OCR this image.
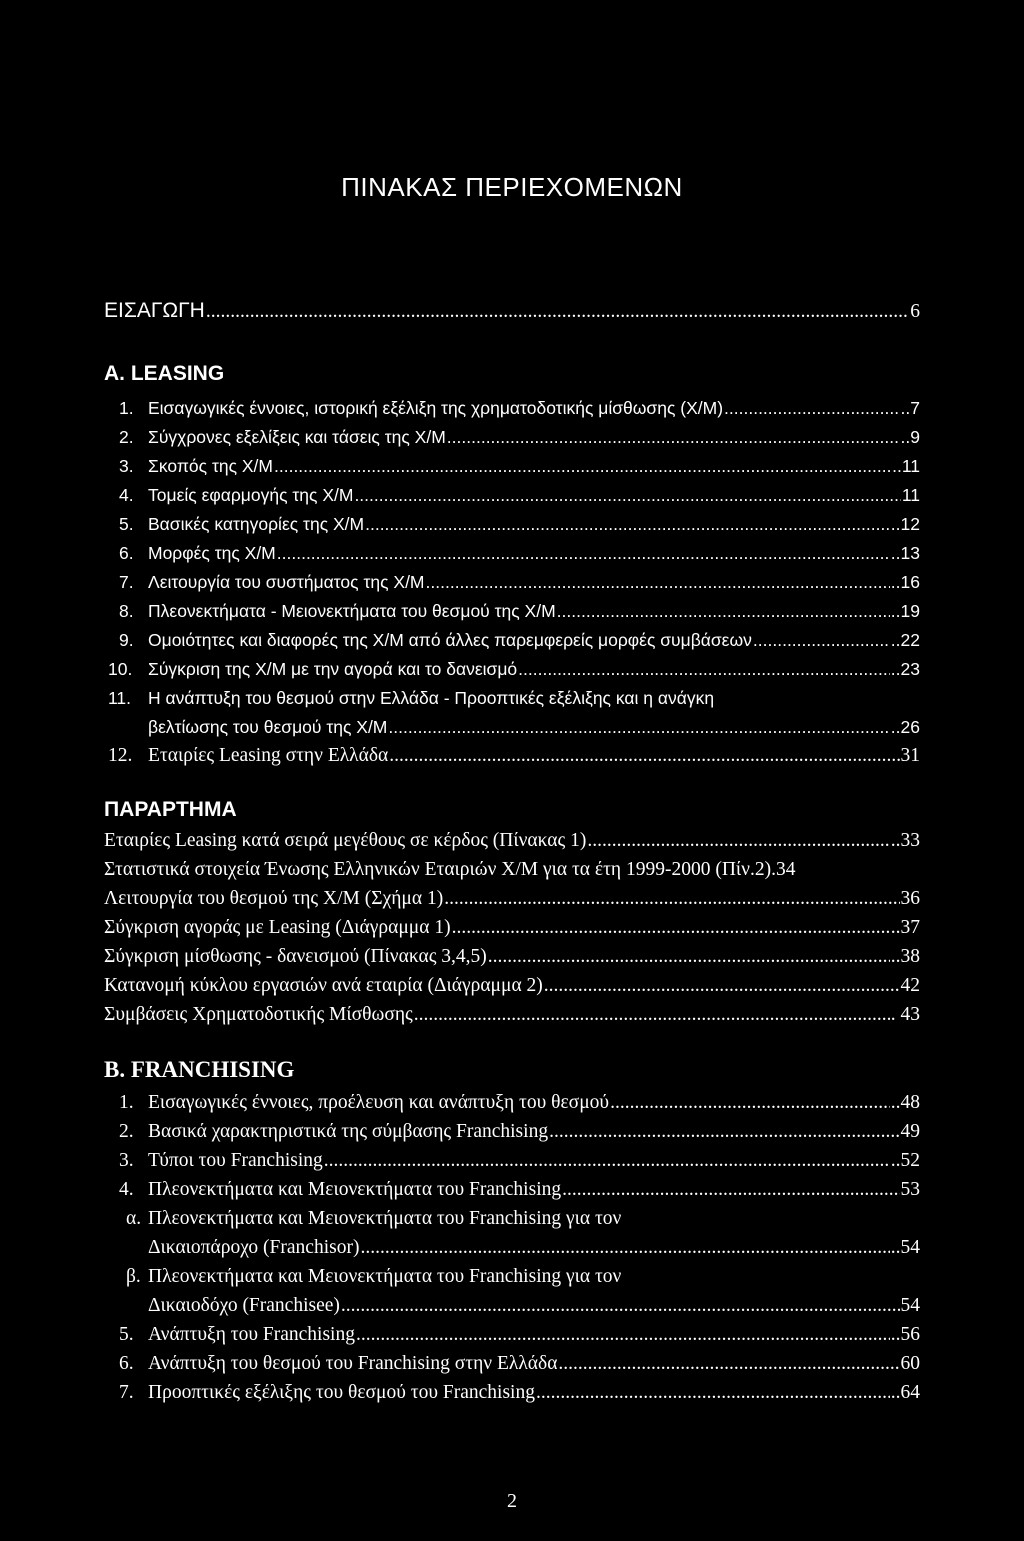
ΠΙΝΑΚΑΣ ΠΕΡΙΕΧΟΜΕΝΩΝ
ΕΙΣΑΓΩΓΗ .....	6
Α. LEASING
1. Εισαγωγικές έννοιες, ιστορική εξέλιξη της χρηματοδοτικής μίσθωσης (Χ/Μ) .....	..7
2. Σύγχρονες εξελίξεις και τάσεις της Χ/Μ .....	..9
3. Σκοπός της Χ/Μ .....	..11
4. Τομείς εφαρμογής της Χ/Μ .....	11
5. Βασικές κατηγορίες της Χ/Μ .....	..12
6. Μορφές της Χ/Μ .....	..13
7. Λειτουργία του συστήματος της Χ/Μ .....	..16
8. Πλεονεκτήματα - Μειονεκτήματα του θεσμού της Χ/Μ .....	..19
9. Ομοιότητες και διαφορές της Χ/Μ από άλλες παρεμφερείς μορφές συμβάσεων .....	..22
10. Σύγκριση της Χ/Μ με την αγορά και το δανεισμό .....	..23
11. Η ανάπτυξη του θεσμού στην Ελλάδα - Προοπτικές εξέλιξης και η ανάγκη
βελτίωσης του θεσμού της Χ/Μ .....	..26
12. Εταιρίες Leasing στην Ελλάδα .....	31
ΠΑΡΑΡΤΗΜΑ
Εταιρίες Leasing κατά σειρά μεγέθους σε κέρδος (Πίνακας 1) .....	..33
Στατιστικά στοιχεία Ένωσης Ελληνικών Εταιριών Χ/Μ για τα έτη 1999-2000 (Πίν.2).34
Λειτουργία του θεσμού της Χ/Μ (Σχήμα 1) .....	36
Σύγκριση αγοράς με Leasing (Διάγραμμα 1) .....	..37
Σύγκριση μίσθωσης - δανεισμού (Πίνακας 3,4,5) .....	..38
Κατανομή κύκλου εργασιών ανά εταιρία (Διάγραμμα 2) .....	42
Συμβάσεις Χρηματοδοτικής Μίσθωσης .....	. 43
Β. FRANCHISING
1. Εισαγωγικές έννοιες, προέλευση και ανάπτυξη του θεσμού .....	..48
2. Βασικά χαρακτηριστικά της σύμβασης Franchising .....	49
3. Τύποι του Franchising .....	..52
4. Πλεονεκτήματα και Μειονεκτήματα του Franchising .....	53
α. Πλεονεκτήματα και Μειονεκτήματα του Franchising για τον
Δικαιοπάροχο (Franchisor) .....	..54
β. Πλεονεκτήματα και Μειονεκτήματα του Franchising για τον
Δικαιοδόχο (Franchisee) .....	54
5. Ανάπτυξη του Franchising .....	..56
6. Ανάπτυξη του θεσμού του Franchising στην Ελλάδα .....	60
7. Προοπτικές εξέλιξης του θεσμού του Franchising .....	..64
2
